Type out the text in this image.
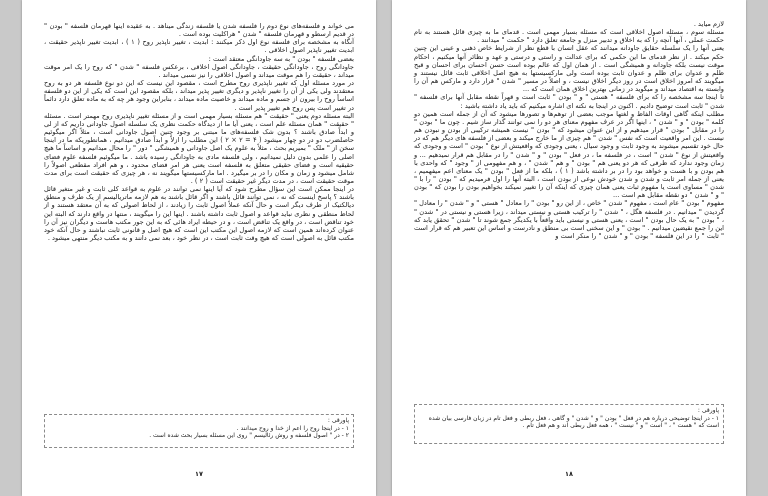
می خواند و فلسفه‌های نوع دوم را فلسفه شدن یا فلسفه زندگی میناهد . به عقیده اینها قهرمان فلسفه " بودن " در قدیم ارسطو و قهرمان فلسفه " شدن " هراکلیت بوده است .
آنگاه به مشخصه برای فلسفه نوع اول ذکر میکنند : ابدیت ، تغییر ناپذیر روح ( ۱ ) ، ابدیت تغییر ناپذیر حقیقت ، ابدیت تغییر ناپذیر اصول اخلاقی .
بعضی فلسفه " بودن " به سه جاودانگی معتقد است :
جاودانگی روح ، جاودانگی حقیقت ، جاودانگی اصول اخلاقی ، برعکس فلسفه " شدن " که روح را یک امر موقت میداند ، حقیقت را هم موقت میداند و اصول اخلاقی را نیز نسبی میداند .
در مورد مسئله اول که تغییر ناپذیری روح مطرح است ، مقصود این نیست که این دو نوع فلسفه هر دو به روح معتقدند ولی یکی از آن را تغییر ناپذیر و دیگری تغییر پذیر میداند ، بلکه مقصود این است که یکی از این دو فلسفه اساساً روح را بیرون از جسم و ماده میداند و خاصیت ماده میداند ، بنابراین وجود هر چه که به ماده تعلق دارد دائماً در تغییر است پس روح هم تغییر پذیر است .
البته مسئله دوم یعنی " حقیقت " هم مسئله بسیار مهمی است و از مسئله تغییر ناپذیری روح مهمتر است . مسئله " حقیقت " همان مسئله علم است ، یعنی آیا ما از دیدگاه حکمت نظری یک سلسله اصول جاودانی داریم که از لی و ابداً صادق باشند ؟ بدون شک فلسفه‌های ما مبتنی بر وجود چنین اصول جاودانی است ، مثلاً اگر میگوئیم حاصلضرب دو در دو چهار میشود ( ۴ = ۲ × ۲ ) این مطلب را ازلاً و ابداً صادق میدانیم ، همانطوریکه ما در اینجا سخن از " ملک " بمیریم بحث ، مثلاً به علوم یک اصل جاودانی و همیشگی " دور " را محال میدانیم و اساساً ما هیچ اصلی را علمی بدون دلیل نمیدانیم ، ولی فلسفه مادی به جاودانگی رسیده باشد . ما میگوئیم فلسفه علوم فضای حقیقیه است و فضای حقیقی متعلق به فلسفه است یعنی هر امر فضای محدود ، و هم افراد مقطعی اصولاً را شامل میشود و زمان و مکان را در بر میگیرد . اما مارکسیستها میگویند نه ، هر چیزی که حقیقت است برای مدت موقت حقیقت است ، در مدت دیگر غیر حقیقت است ( ۲ ) .
در اینجا ممکن است این سؤال مطرح شود که آیا اینها نمی توانند در علوم به قواعد کلی ثابت و غیر متغیر قائل باشند ؟ پاسخ اینست که نه ، نمی توانند قائل باشند و اگر قائل باشند به هم لازمه ماتریالیسم از یک طرف و منطق دیالکتیک از طرف دیگر است و حال آنکه عملاً اصول ثابت را زیادند ، از لحاظ اصولی که به آن معتقد هستند و از لحاظ منطقی و نظری نباید قواعد و اصول ثابت داشته باشند . اینها این را میگویند ، منتها در واقع دارند که البته این خود تناقض است ، در واقع یک تناقض است ، و در حیطه ایراد هائی که به این جور مکتب هاست و دیگران نیز آن را عنوان کرده‌اند همین است که لازمه اصول این مکتب این است که هیچ اصل و قانونی ثابت نباشند و حال آنکه خود مکتب قائل به اصولی است که هیچ وقت ثابت است ، در نظر خود ، بعد نمی دانند و به مکتب دیگر منتهی میشود .
پاورقی :
۱ - در اینجا روح را اعم از خدا و روح میدانند .
۲ - در " اصول فلسفه و روش رئالیسم " روی این مسئله بسیار بحث شده است .
۱۷
لازم میاید .
مسئله سوم ، مسئله اصول اخلاقی است که مسئله بسیار مهمی است . قدمای ما به چیزی قائل هستند به نام حکمت عملی ، آنها آنچه را که به اخلاق و تدبیر منزل و جامعه تعلق دارد " حکمت " میدانند .
یعنی آنها را یک سلسله حقایق جاودانه میدانند که عقل انسان با قطع نظر از شرایط خاص ذهنی و عینی این چنین حکم میکند . از نظر قدمای ما این حکمی که برای عدالت و راستی و درستی و عهد و نظائر آنها میکنیم ، احکام موقت نیست بلکه جاودانه و همیشگی است . از همان اول که عالم بوده است حسن احسان برای احسان و قبح ظلم و عدوان برای ظلم و عدوان ثابت بوده است ولی مارکسیستها به هیچ اصل اخلاقی ثابت قائل نیستند و میگویند که امروز اخلاق است در روز دیگر اخلاق نیست ، و اصلاً در مسیر " شدن " قرار دارد و مارکس هم آن را وابسته به اقتصاد میداند و میگوید در زمانی بهترین اخلاق همان است که ...
تا اینجا سه مشخصه را که برای فلسفه " هستی " و " بودن " ثابت است و قهراً نقطه مقابل آنها برای فلسفه " شدن " ثابت است توضیح دادیم . اکنون در اینجا به نکته ای اشاره میکنیم که باید یاد داشته باشید :
مطلب اینکه گاهی اوقات الفاظ و لغتها موجب بعضی از توهم‌ها و تصورها میشود که آن از جمله است همین دو کلمه " بودن " و " شدن " ، اینها اگر در عرف مفهوم معنای هر دو را نمی توانند گذار ساز شیم . چون ما " بودن " را در مقابل " بودن " قرار میدهیم و از این عنوان میشود که " بودن " نیست همیشه ترکیبی از بودن و نبودن هم نیست . این امر واقعیت است که نفس " شدن " هم چیزی از ما خارج میکند و بعضی از فلسفه های دیگر هم که در حال خود تقسیم میشوند به وجود ثابت و وجود سیال ، یعنی وجودی که واقعیتش از نوع " بودن " است و وجودی که واقعیتش از نوع " شدن " است ، در فلسفه ما ، در فعل " بودن " و " شدن " را در مقابل هم قرار نمیدهیم ... و زمان وجود ندارد که ظرفی که هر دو یعنی هم " بودن " و هم " شدن " ، و هم مفهومی از " وجود " که واحدی با هم بودن و با هست و خواهد بود را در بر داشته باشد ( ۱ ) ، بلکه ما از فعل " بودن " یک معنای اعم میفهمیم ، یعنی از جمله امر ثابت و شدن و شدن خودش نوعی از بودن است ، البته آنها را اول فرمیدیم که " بودن " را با " شدن " مساوی است یا مفهوم ثبات یعنی همان چیزی که اینکه آن را تغییر نمیکند بخواهیم بودن را بودن که " بودن " و " شدن " دو نقطه مقابل هم است ...
مفهوم " بودن " عام است ، مفهوم " شدن " خاص ، از این رو " بودن " را معادل " هستی " و " شدن " را معادل " گردیدن " میدانیم . در فلسفه هگل ، " شدن " را ترکیب هستی و نیستی میداند ، زیرا هستی و نیستی در " شدن " ، " بودن " به یک حال بودن " است ، یعنی هستی و نیستی باید واقعاً با یکدیگر جمع شوند تا " شدن " تحقق یابد که این را جمع نقیضین میدانیم . " بودن " و این سخنی است بی منطق و نادرست و اساس این تعبیر هم که قرار است " ثابت " را در این فلسفه " بودن " و " شدن " را منکر است و
پاورقی :
۱ - در اینجا توضیحی درباره هم در فعل " بودن " و " شدن " و گاهی ، فعل ربطی و فعل تام در زبان فارسی بیان شده است که " هست " ، " است " و " نیست " ، همه فعل ربطی اند و هم فعل تام .
۱۸
